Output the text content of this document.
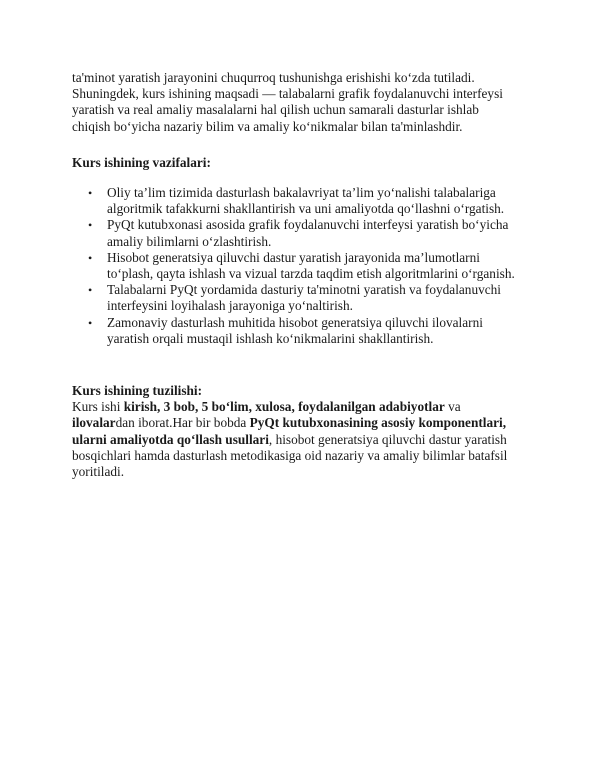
ta'minot yaratish jarayonini chuqurroq tushunishga erishishi ko‘zda tutiladi.

Shuningdek, kurs ishining maqsadi — talabalarni grafik foydalanuvchi interfeysi

yaratish va real amaliy masalalarni hal qilish uchun samarali dasturlar ishlab

chiqish bo‘yicha nazariy bilim va amaliy ko‘nikmalar bilan ta'minlashdir.

Kurs ishining vazifalari:

• Oliy ta’lim tizimida dasturlash bakalavriyat ta’lim yo‘nalishi talabalariga
algoritmik tafakkurni shakllantirish va uni amaliyotda qo‘llashni o‘rgatish.
• PyQt kutubxonasi asosida grafik foydalanuvchi interfeysi yaratish bo‘yicha
amaliy bilimlarni o‘zlashtirish.
• Hisobot generatsiya qiluvchi dastur yaratish jarayonida ma’lumotlarni
to‘plash, qayta ishlash va vizual tarzda taqdim etish algoritmlarini o‘rganish.
• Talabalarni PyQt yordamida dasturiy ta'minotni yaratish va foydalanuvchi
interfeysini loyihalash jarayoniga yo‘naltirish.
• Zamonaviy dasturlash muhitida hisobot generatsiya qiluvchi ilovalarni
yaratish orqali mustaqil ishlash ko‘nikmalarini shakllantirish.

Kurs ishining tuzilishi:

Kurs ishi kirish, 3 bob, 5 bo‘lim, xulosa, foydalanilgan adabiyotlar va
ilovalardan iborat.Har bir bobda PyQt kutubxonasining asosiy komponentlari,
ularni amaliyotda qo‘llash usullari, hisobot generatsiya qiluvchi dastur yaratish
bosqichlari hamda dasturlash metodikasiga oid nazariy va amaliy bilimlar batafsil
yoritiladi.
